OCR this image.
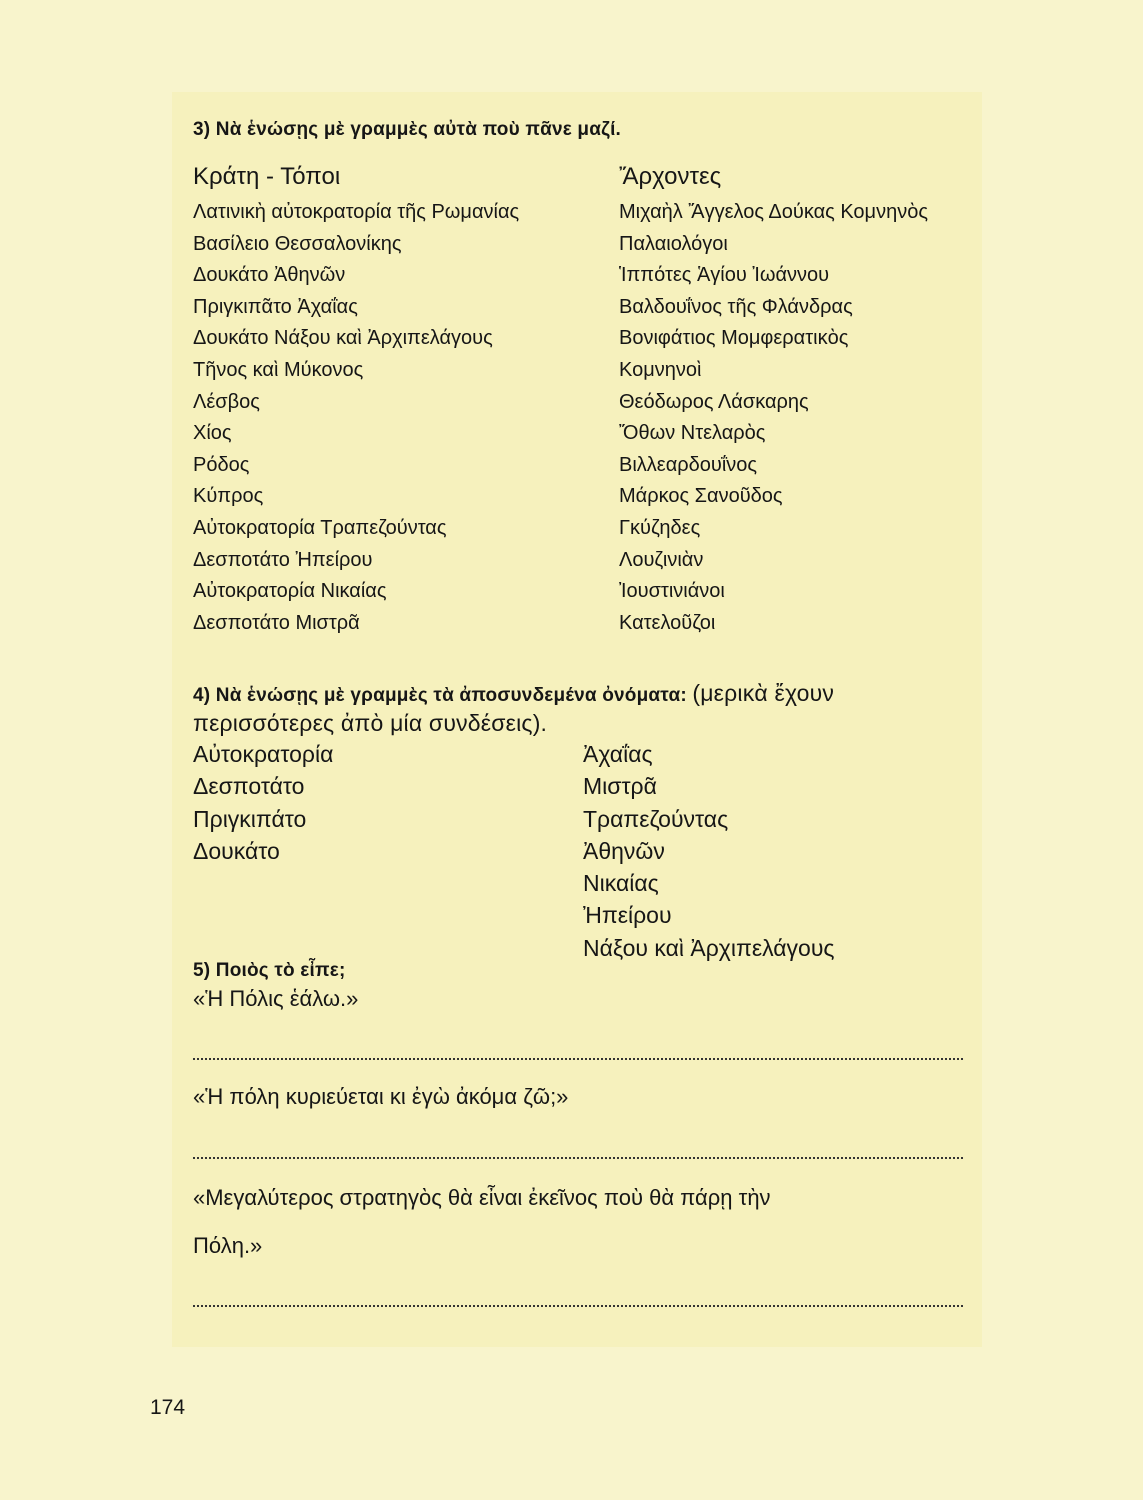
3) Νὰ ἑνώσῃς μὲ γραμμὲς αὐτὰ ποὺ πᾶνε μαζί.
Κράτη - Τόποι
Λατινικὴ αὐτοκρατορία τῆς Ρωμανίας
Βασίλειο Θεσσαλονίκης
Δουκάτο Ἀθηνῶν
Πριγκιπᾶτο Ἀχαΐας
Δουκάτο Νάξου καὶ Ἀρχιπελάγους
Τῆνος καὶ Μύκονος
Λέσβος
Χίος
Ρόδος
Κύπρος
Αὐτοκρατορία Τραπεζούντας
Δεσποτάτο Ἠπείρου
Αὐτοκρατορία Νικαίας
Δεσποτάτο Μιστρᾶ
Ἄρχοντες
Μιχαὴλ Ἄγγελος Δούκας Κομνηνὸς
Παλαιολόγοι
Ἱππότες Ἁγίου Ἰωάννου
Βαλδουΐνος τῆς Φλάνδρας
Βονιφάτιος Μομφερατικὸς
Κομνηνοὶ
Θεόδωρος Λάσκαρης
Ὄθων Ντελαρὸς
Βιλλεαρδουΐνος
Μάρκος Σανοῦδος
Γκύζηδες
Λουζινιὰν
Ἰουστινιάνοι
Κατελοῦζοι
4) Νὰ ἑνώσῃς μὲ γραμμὲς τὰ ἀποσυνδεμένα ὀνόματα: (μερικὰ ἔχουν
περισσότερες ἀπὸ μία συνδέσεις).
Αὐτοκρατορία
Δεσποτάτο
Πριγκιπάτο
Δουκάτο
Ἀχαΐας
Μιστρᾶ
Τραπεζούντας
Ἀθηνῶν
Νικαίας
Ἠπείρου
Νάξου καὶ Ἀρχιπελάγους
5) Ποιὸς τὸ εἶπε;
«Ἡ Πόλις ἑάλω.»
«Ἡ πόλη κυριεύεται κι ἐγὼ ἀκόμα ζῶ;»
«Μεγαλύτερος στρατηγὸς θὰ εἶναι ἐκεῖνος ποὺ θὰ πάρῃ τὴν
Πόλη.»
174
